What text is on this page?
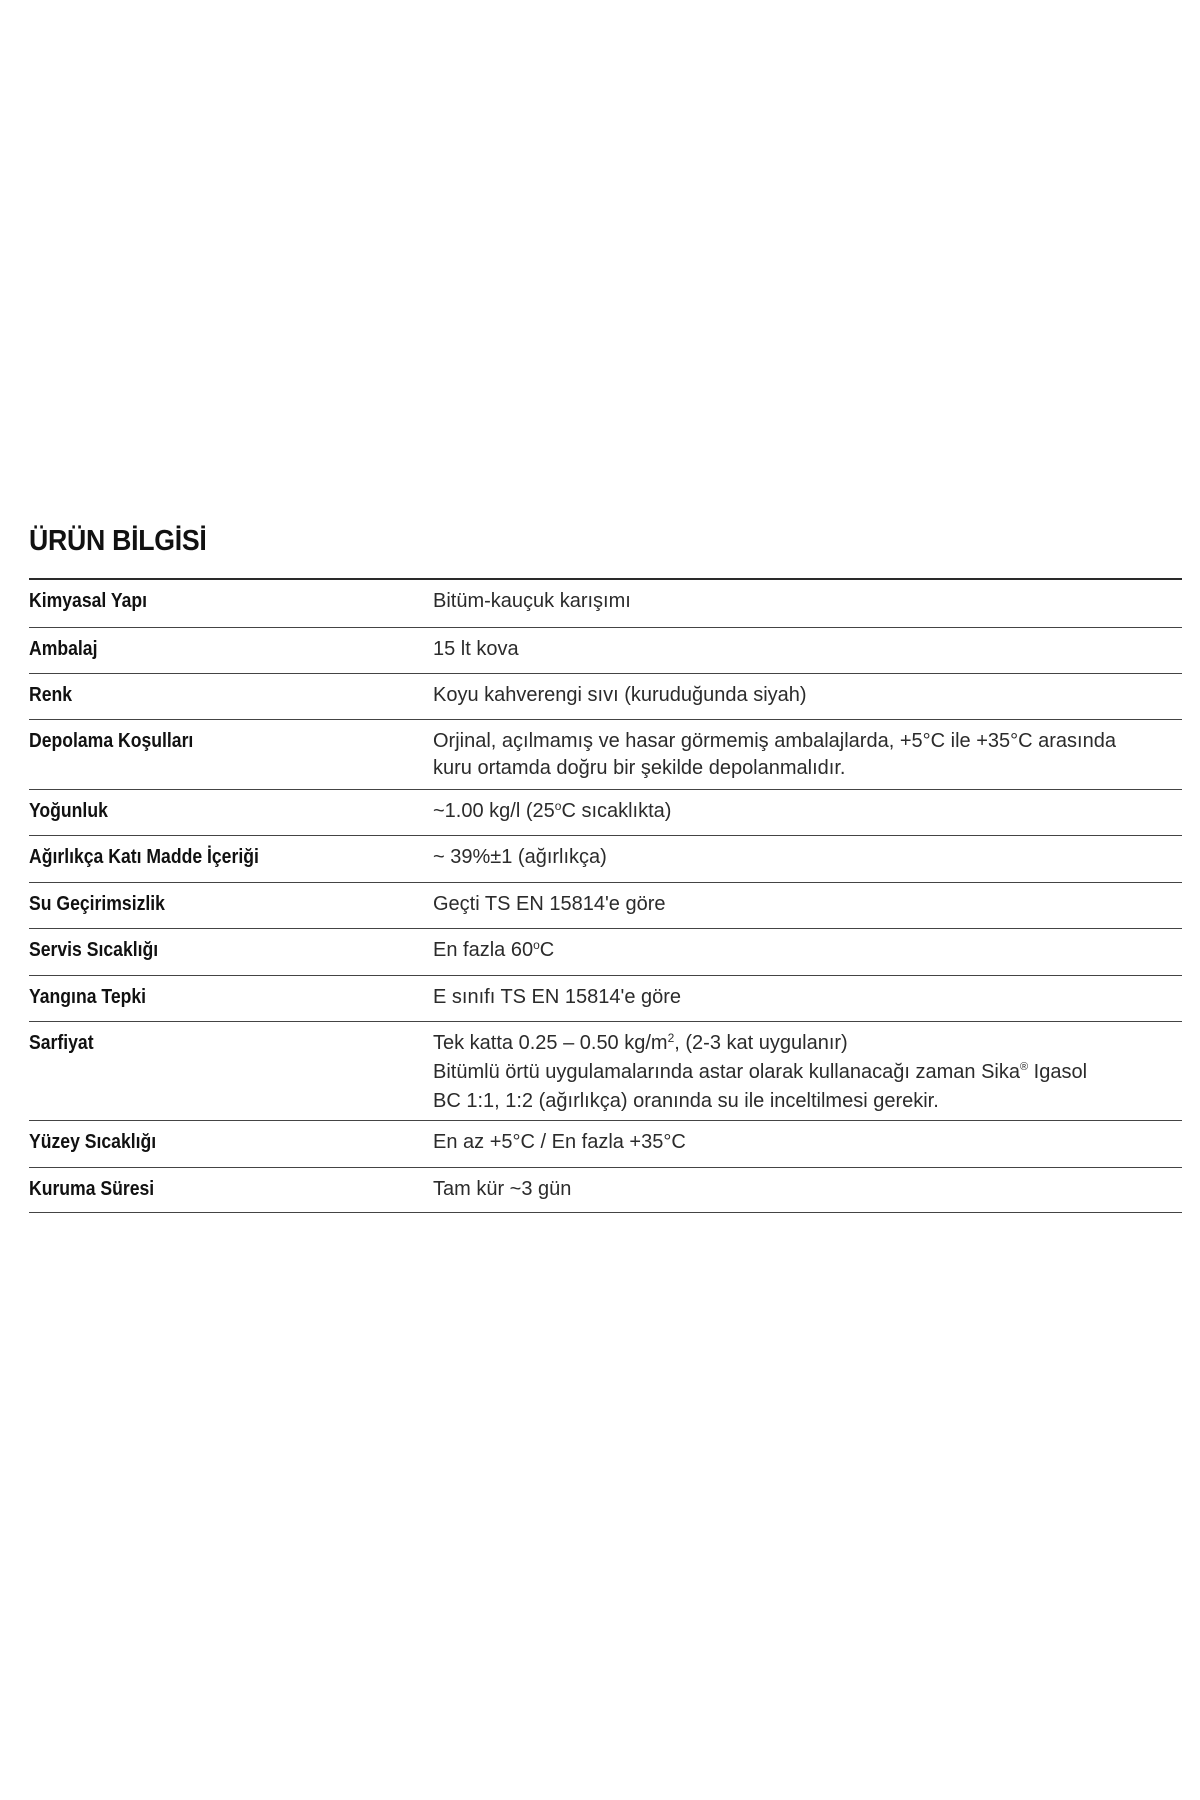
ÜRÜN BİLGİSİ
Kimyasal Yapı	Bitüm-kauçuk karışımı
Ambalaj	15 lt kova
Renk	Koyu kahverengi sıvı (kuruduğunda siyah)
Depolama Koşulları	Orjinal, açılmamış ve hasar görmemiş ambalajlarda, +5°C ile +35°C arasında
kuru ortamda doğru bir şekilde depolanmalıdır.
Yoğunluk	~1.00 kg/l (25$^o$C sıcaklıkta)
Ağırlıkça Katı Madde İçeriği	~ 39%±1 (ağırlıkça)
Su Geçirimsizlik	Geçti TS EN 15814'e göre
Servis Sıcaklığı	En fazla 60$^o$C
Yangına Tepki	E sınıfı TS EN 15814'e göre
Sarfiyat	Tek katta 0.25 – 0.50 $kg/m^2$, (2-3 kat uygulanır)
Bitümlü örtü uygulamalarında astar olarak kullanacağı zaman Sika® Igasol
BC 1:1, 1:2 (ağırlıkça) oranında su ile inceltilmesi gerekir.
Yüzey Sıcaklığı	En az +5°C / En fazla +35°C
Kuruma Süresi	Tam kür ~3 gün
